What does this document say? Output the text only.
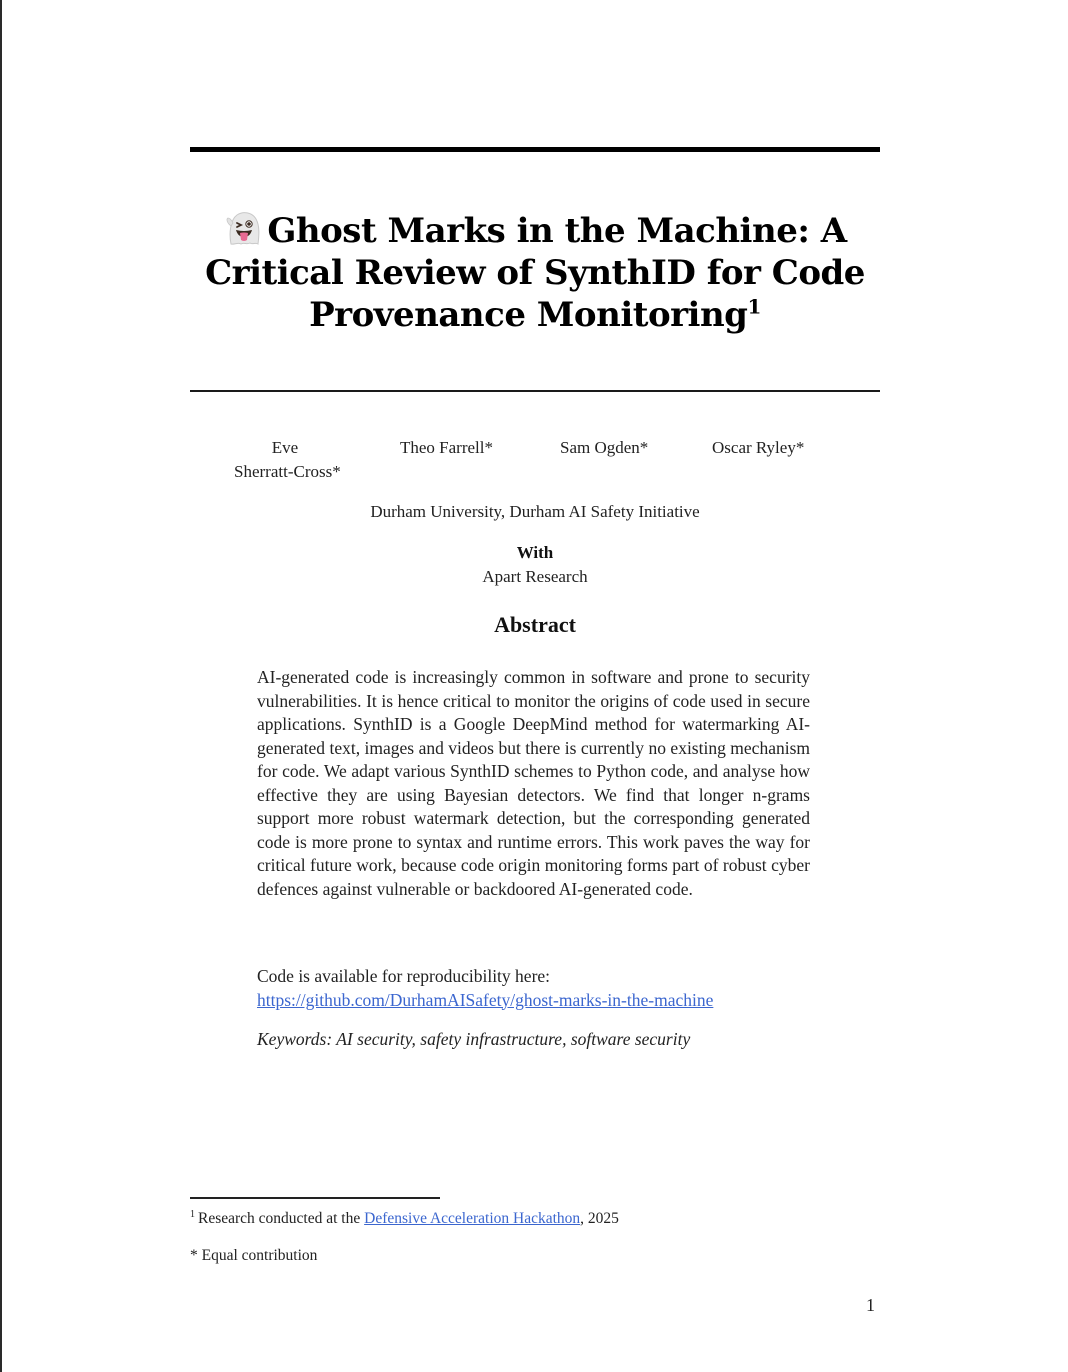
Ghost Marks in the Machine: A Critical Review of SynthID for Code Provenance Monitoring$^1$
Eve
Sherratt-Cross*
Theo Farrell*	Sam Ogden*	Oscar Ryley*
Durham University, Durham AI Safety Initiative
With
Apart Research
Abstract
AI-generated code is increasingly common in software and prone to security vulnerabilities. It is hence critical to monitor the origins of code used in secure applications. SynthID is a Google DeepMind method for watermarking AI-generated text, images and videos but there is currently no existing mechanism for code. We adapt various SynthID schemes to Python code, and analyse how effective they are using Bayesian detectors. We find that longer n-grams support more robust watermark detection, but the corresponding generated code is more prone to syntax and runtime errors. This work paves the way for critical future work, because code origin monitoring forms part of robust cyber defences against vulnerable or backdoored AI-generated code.
Code is available for reproducibility here:
https://github.com/DurhamAISafety/ghost-marks-in-the-machine
Keywords: AI security, safety infrastructure, software security
$^1$ Research conducted at the Defensive Acceleration Hackathon, 2025
* Equal contribution
1
